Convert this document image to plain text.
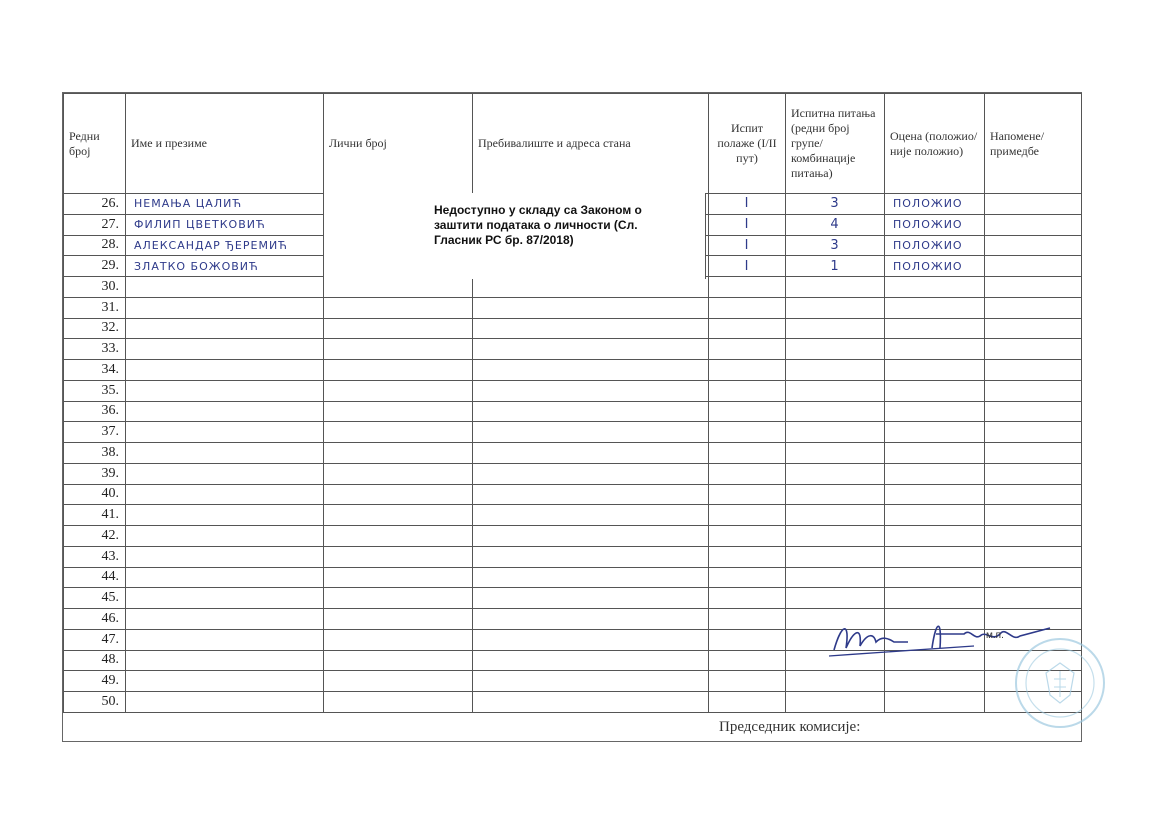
Редни број	Име и презиме	Лични број	Пребивалиште и адреса стана	Испит полаже (I/II пут)	Испитна питања (редни број групе/ комбинације питања)	Оцена (положио/ није положио)	Напомене/ примедбе
26.	НЕМАЊА ЦАЛИЋ			I	3	ПОЛОЖИО	
27.	ФИЛИП ЦВЕТКОВИЋ			I	4	ПОЛОЖИО	
28.	АЛЕКСАНДАР ЂЕРЕМИЋ			I	3	ПОЛОЖИО	
29.	ЗЛАТКО БОЖОВИЋ			I	1	ПОЛОЖИО	
30.							
31.							
32.							
33.							
34.							
35.							
36.							
37.							
38.							
39.							
40.							
41.							
42.							
43.							
44.							
45.							
46.							
47.							
48.							
49.							
50.							
Недоступно у складу са Законом о заштити података о личности (Сл. Гласник РС бр. 87/2018)
Председник комисије:
м.п.
